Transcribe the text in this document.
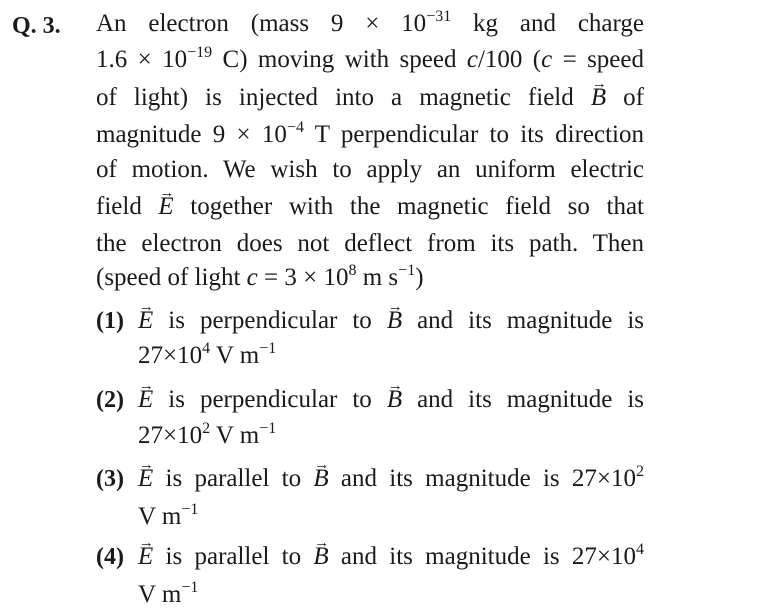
Q. 3. An electron (mass $9 \times 10^{-31}$ kg and charge
$1.6 \times 10^{-19}$ C) moving with speed c/100 (c = speed
of light) is injected into a magnetic field → B of
magnitude $9 \times 10^{-4}$ T perpendicular to its direction
of motion. We wish to apply an uniform electric
field → E together with the magnetic field so that
the electron does not deflect from its path. Then
(speed of light $c = 3 \times 10^8$ m $s^{-1}$)
(1) → E is perpendicular to → B and its magnitude is
$27\times 10^4$ V $m^{-1}$
(2) → E is perpendicular to → B and its magnitude is
$27\times 10^2$ V $m^{-1}$
(3) → E is parallel to → B and its magnitude is $27\times 10^2$
V $m^{-1}$
(4) → E is parallel to → B and its magnitude is $27\times 10^4$
V $m^{-1}$
